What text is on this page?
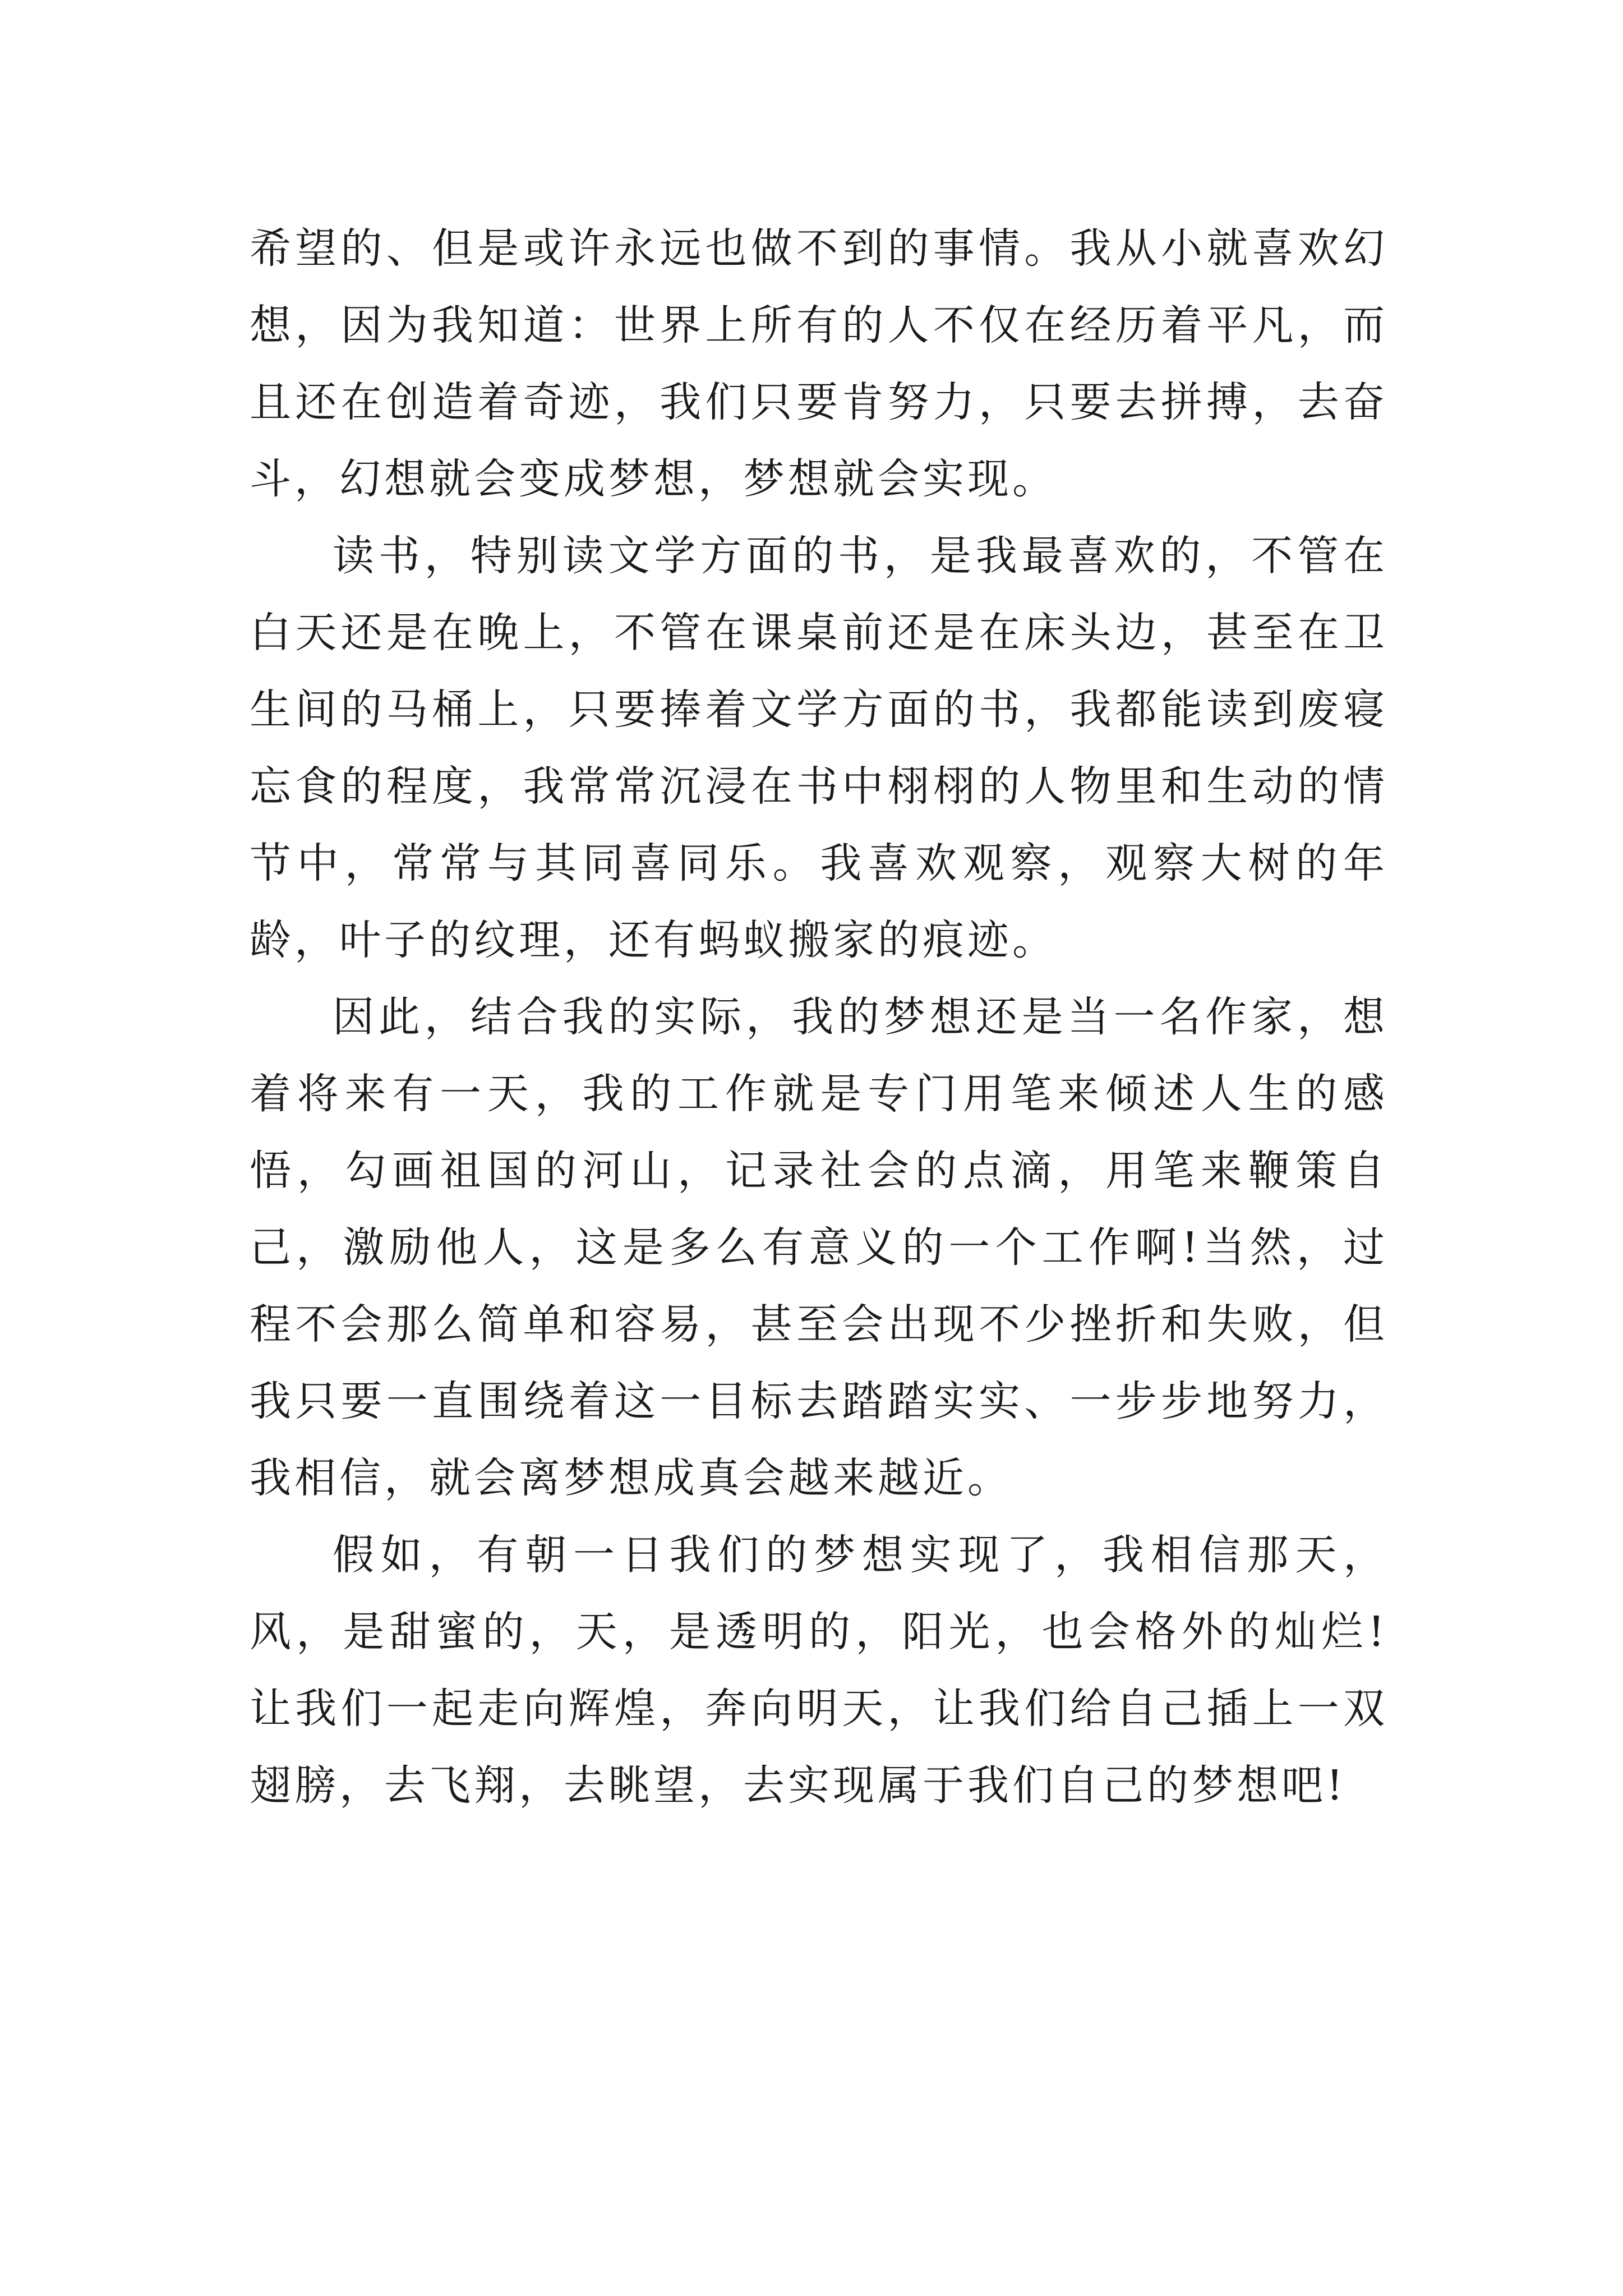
希望的、但是或许永远也做不到的事情。我从小就喜欢幻想，因为我知道：世界上所有的人不仅在经历着平凡，而且还在创造着奇迹，我们只要肯努力，只要去拼搏，去奋斗，幻想就会变成梦想，梦想就会实现。

读书，特别读文学方面的书，是我最喜欢的，不管在白天还是在晚上，不管在课桌前还是在床头边，甚至在卫生间的马桶上，只要捧着文学方面的书，我都能读到废寝忘食的程度，我常常沉浸在书中栩栩的人物里和生动的情节中，常常与其同喜同乐。我喜欢观察，观察大树的年龄，叶子的纹理，还有蚂蚁搬家的痕迹。

因此，结合我的实际，我的梦想还是当一名作家，想着将来有一天，我的工作就是专门用笔来倾述人生的感悟，勾画祖国的河山，记录社会的点滴，用笔来鞭策自己，激励他人，这是多么有意义的一个工作啊!当然，过程不会那么简单和容易，甚至会出现不少挫折和失败，但我只要一直围绕着这一目标去踏踏实实、一步步地努力，我相信，就会离梦想成真会越来越近。

假如，有朝一日我们的梦想实现了，我相信那天，风，是甜蜜的，天，是透明的，阳光，也会格外的灿烂!让我们一起走向辉煌，奔向明天，让我们给自己插上一双翅膀，去飞翔，去眺望，去实现属于我们自己的梦想吧!
